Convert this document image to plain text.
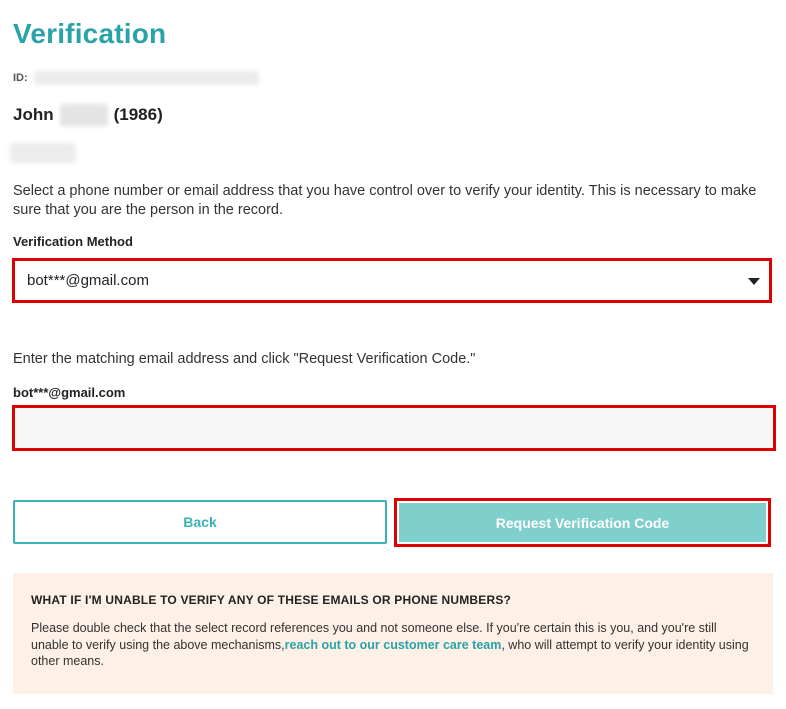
Verification
ID:
John	(1986)

Select a phone number or email address that you have control over to verify your identity. This is necessary to make sure that you are the person in the record.

Verification Method
bot***@gmail.com

Enter the matching email address and click "Request Verification Code."

bot***@gmail.com
Back	Request Verification Code
WHAT IF I'M UNABLE TO VERIFY ANY OF THESE EMAILS OR PHONE NUMBERS?

Please double check that the select record references you and not someone else. If you're certain this is you, and you're still unable to verify using the above mechanisms,reach out to our customer care team, who will attempt to verify your identity using other means.
